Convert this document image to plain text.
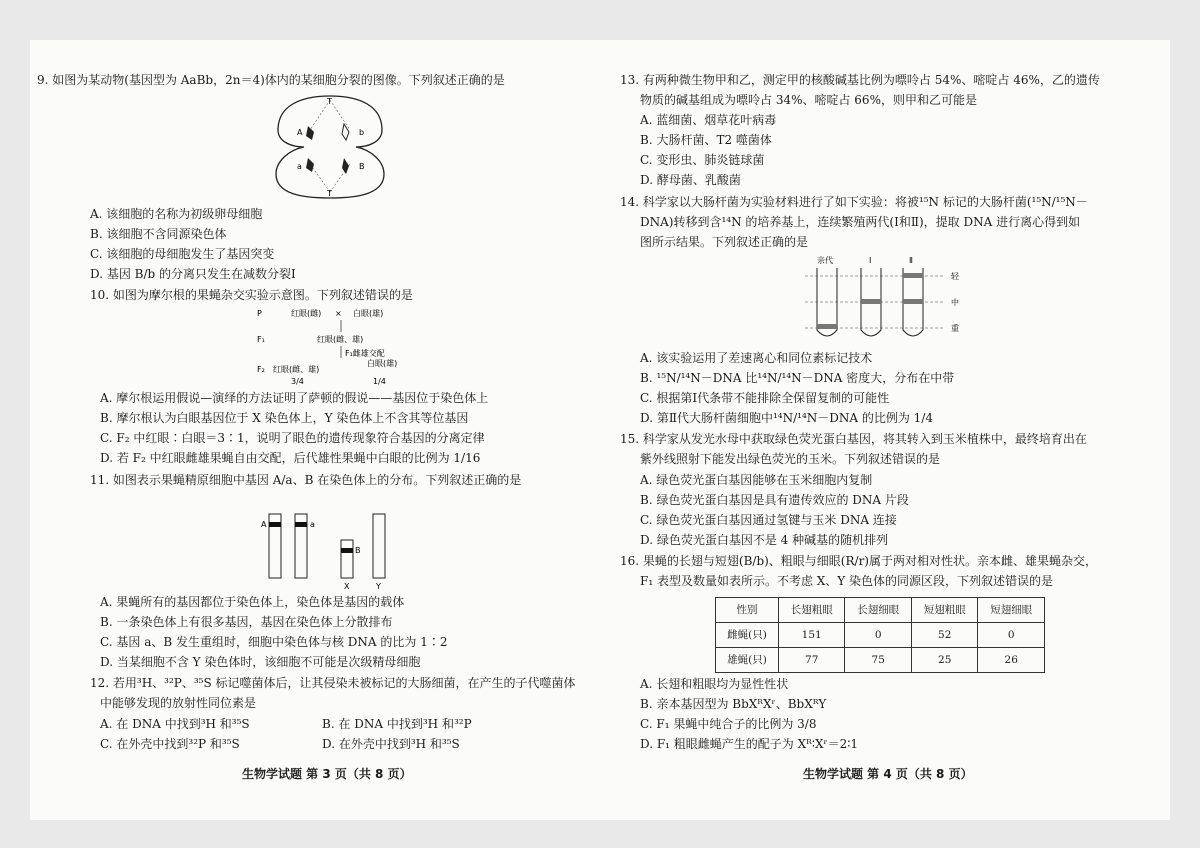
9. 如图为某动物(基因型为 AaBb，2n＝4)体内的某细胞分裂的图像。下列叙述正确的是
T
T
A	b
a	B
A. 该细胞的名称为初级卵母细胞
B. 该细胞不含同源染色体
C. 该细胞的母细胞发生了基因突变
D. 基因 B/b 的分离只发生在减数分裂Ⅰ
10. 如图为摩尔根的果蝇杂交实验示意图。下列叙述错误的是
P	红眼(雌) × 白眼(雄)
F₁	红眼(雌、雄)
F₁雌雄交配
F₂ 红眼(雌、雄)
白眼(雄)
3/4	1/4
A. 摩尔根运用假说—演绎的方法证明了萨顿的假说——基因位于染色体上
B. 摩尔根认为白眼基因位于 X 染色体上，Y 染色体上不含其等位基因
C. F₂ 中红眼∶白眼＝3∶1，说明了眼色的遗传现象符合基因的分离定律
D. 若 F₂ 中红眼雌雄果蝇自由交配，后代雄性果蝇中白眼的比例为 1/16
11. 如图表示果蝇精原细胞中基因 A/a、B 在染色体上的分布。下列叙述正确的是
A	a
B
X	Y
A. 果蝇所有的基因都位于染色体上，染色体是基因的载体
B. 一条染色体上有很多基因，基因在染色体上分散排布
C. 基因 a、B 发生重组时，细胞中染色体与核 DNA 的比为 1∶2
D. 当某细胞不含 Y 染色体时，该细胞不可能是次级精母细胞
12. 若用³H、³²P、³⁵S 标记噬菌体后，让其侵染未被标记的大肠细菌，在产生的子代噬菌体
中能够发现的放射性同位素是
A. 在 DNA 中找到³H 和³⁵S	B. 在 DNA 中找到³H 和³²P
C. 在外壳中找到³²P 和³⁵S	D. 在外壳中找到³H 和³⁵S
生物学试题 第 3 页（共 8 页）
13. 有两种微生物甲和乙，测定甲的核酸碱基比例为嘌呤占 54%、嘧啶占 46%，乙的遗传
物质的碱基组成为嘌呤占 34%、嘧啶占 66%，则甲和乙可能是
A. 蓝细菌、烟草花叶病毒
B. 大肠杆菌、T2 噬菌体
C. 变形虫、肺炎链球菌
D. 酵母菌、乳酸菌
14. 科学家以大肠杆菌为实验材料进行了如下实验：将被¹⁵N 标记的大肠杆菌(¹⁵N/¹⁵N－
DNA)转移到含¹⁴N 的培养基上，连续繁殖两代(Ⅰ和Ⅱ)，提取 DNA 进行离心得到如
图所示结果。下列叙述正确的是
亲代	Ⅰ	Ⅱ
轻
中
重
A. 该实验运用了差速离心和同位素标记技术
B. ¹⁵N/¹⁴N－DNA 比¹⁴N/¹⁴N－DNA 密度大，分布在中带
C. 根据第Ⅰ代条带不能排除全保留复制的可能性
D. 第Ⅱ代大肠杆菌细胞中¹⁴N/¹⁴N－DNA 的比例为 1/4
15. 科学家从发光水母中获取绿色荧光蛋白基因，将其转入到玉米植株中，最终培育出在
紫外线照射下能发出绿色荧光的玉米。下列叙述错误的是
A. 绿色荧光蛋白基因能够在玉米细胞内复制
B. 绿色荧光蛋白基因是具有遗传效应的 DNA 片段
C. 绿色荧光蛋白基因通过氢键与玉米 DNA 连接
D. 绿色荧光蛋白基因不是 4 种碱基的随机排列
16. 果蝇的长翅与短翅(B/b)、粗眼与细眼(R/r)属于两对相对性状。亲本雌、雄果蝇杂交，
F₁ 表型及数量如表所示。不考虑 X、Y 染色体的同源区段，下列叙述错误的是
性别	长翅粗眼	长翅细眼	短翅粗眼	短翅细眼
雌蝇(只)	151	0	52	0
雄蝇(只)	77	75	25	26
A. 长翅和粗眼均为显性性状
B. 亲本基因型为 BbXᴿXʳ、BbXᴿY
C. F₁ 果蝇中纯合子的比例为 3/8
D. F₁ 粗眼雌蝇产生的配子为 Xᴿ∶Xʳ＝2∶1
生物学试题 第 4 页（共 8 页）
